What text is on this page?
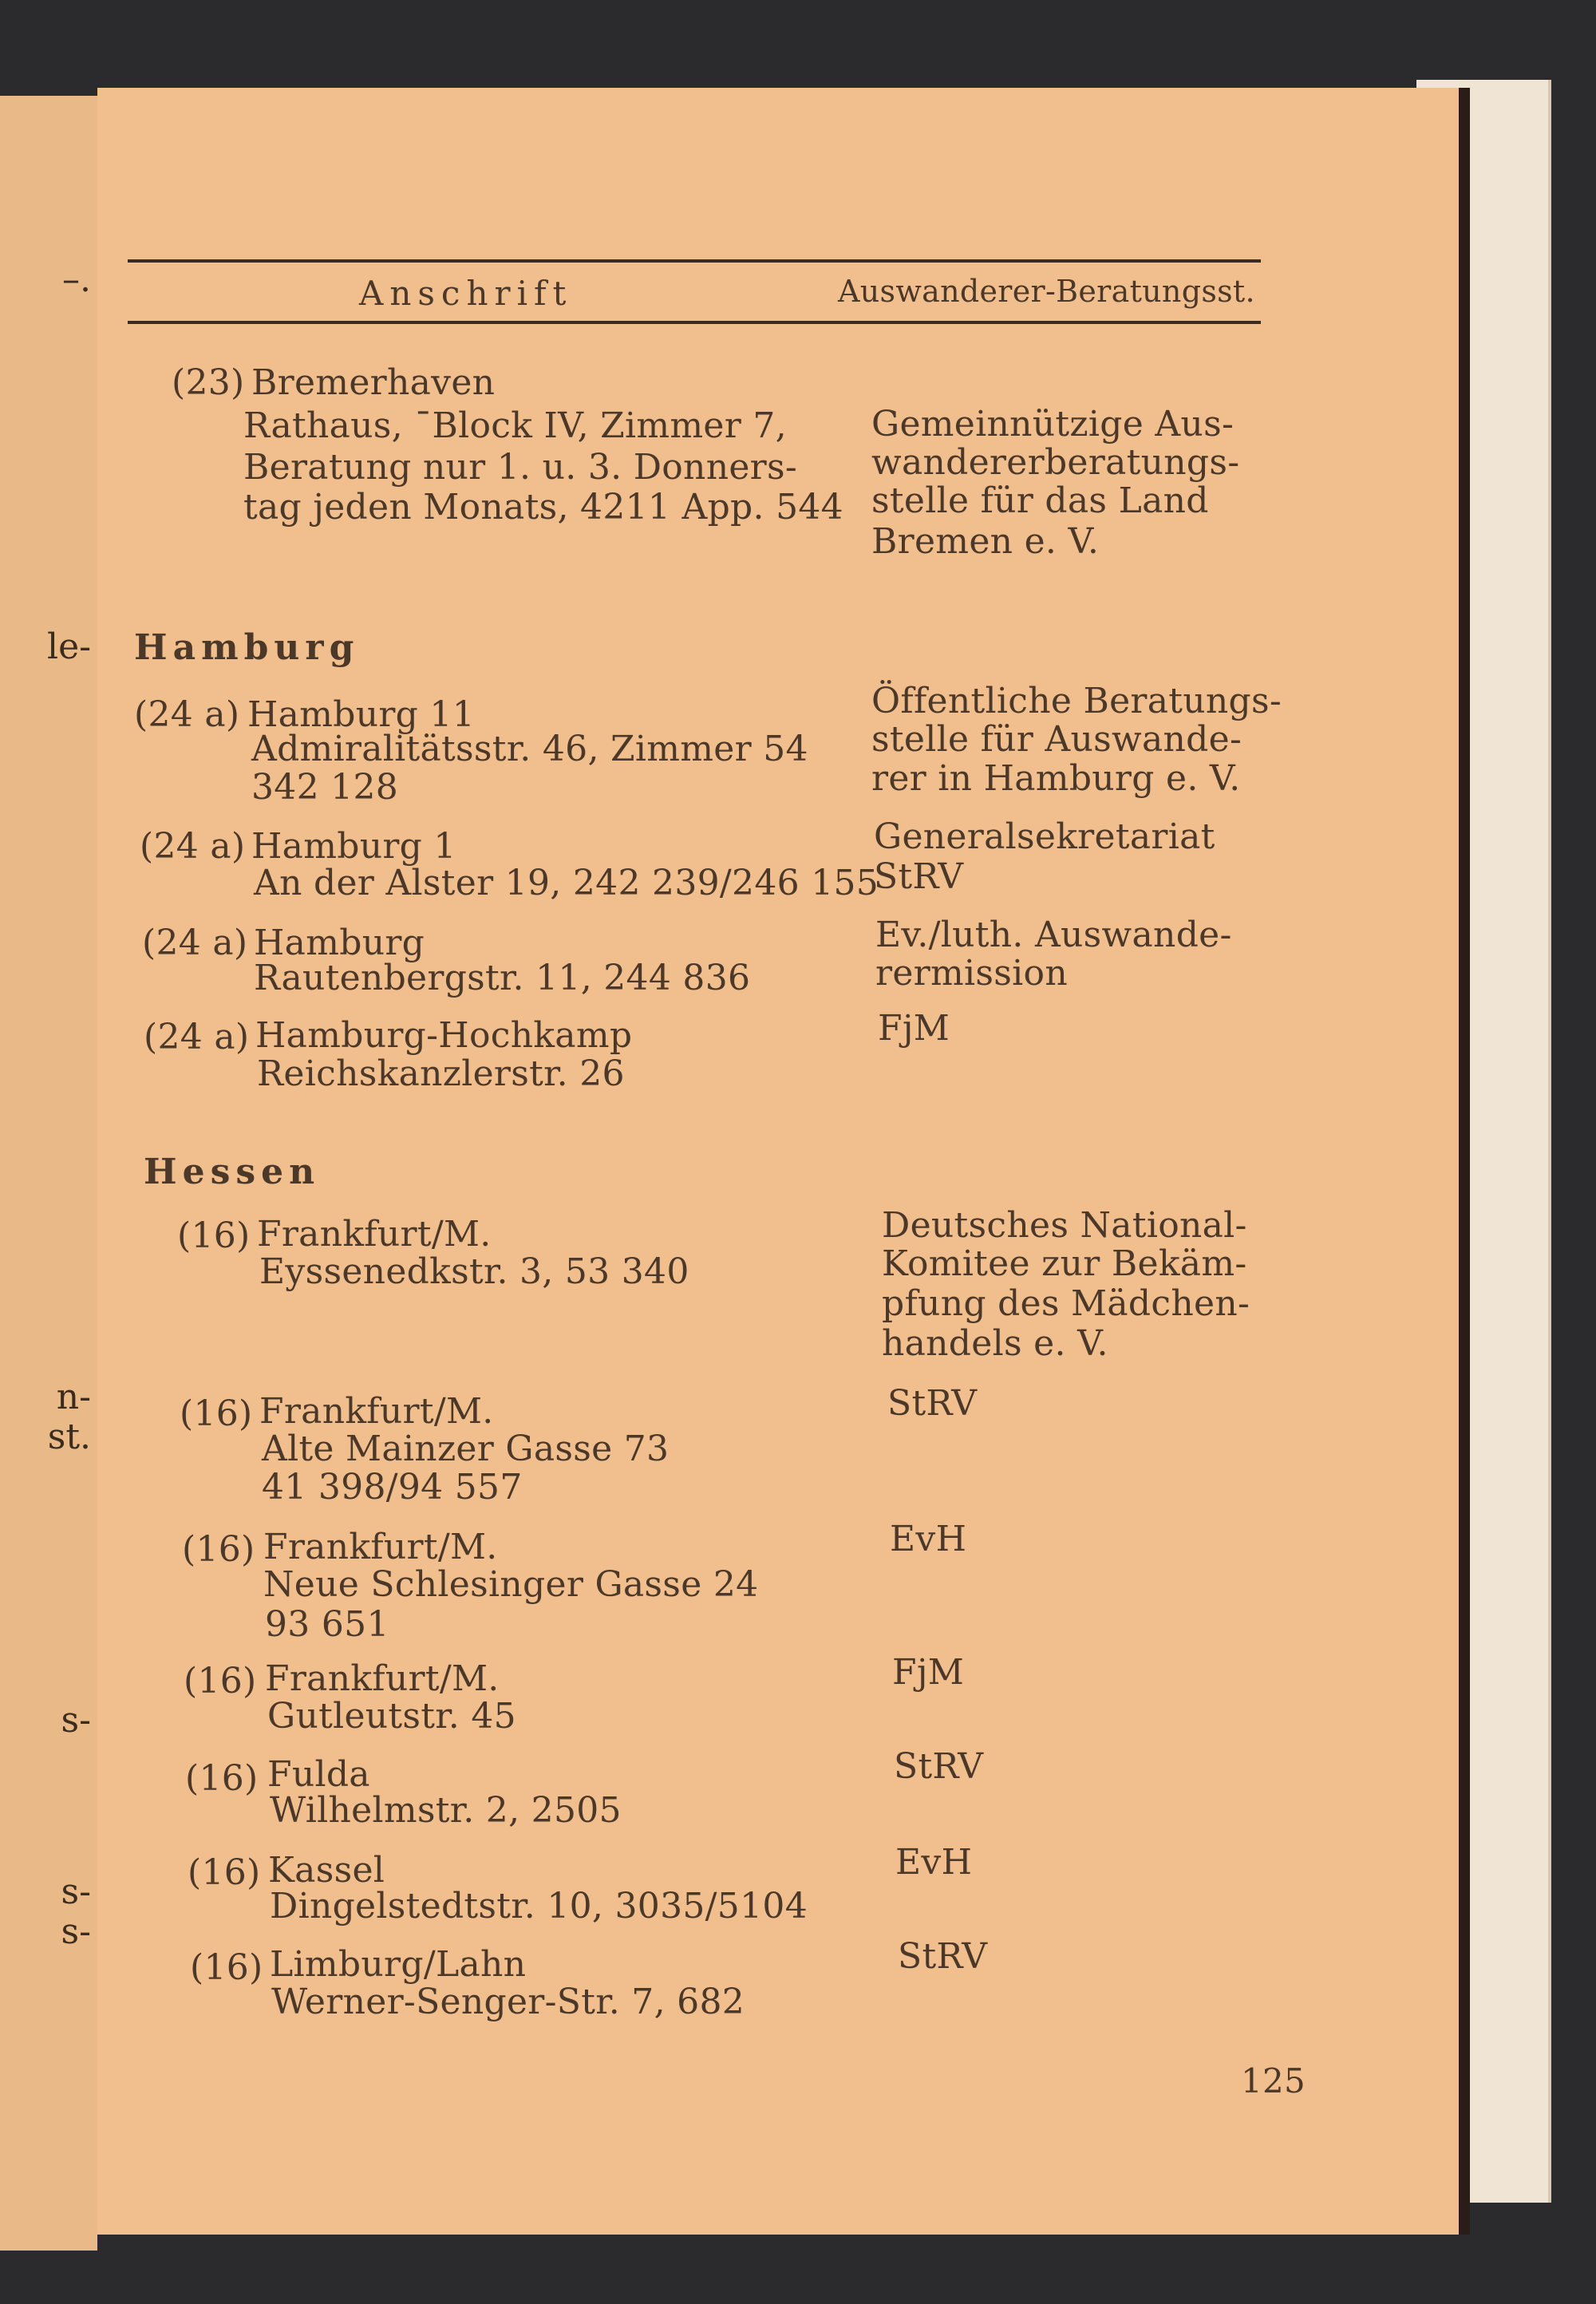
–.
le-
n-
st.
s-
s-
s-
Anschrift	Auswanderer-Beratungsst.
(23) Bremerhaven
Rathaus, ˉBlock IV, Zimmer 7,
Beratung nur 1. u. 3. Donners-
tag jeden Monats, 4211 App. 544
Gemeinnützige Aus-
wandererberatungs-
stelle für das Land
Bremen e. V.
Hamburg
(24 a) Hamburg 11
Admiralitätsstr. 46, Zimmer 54
342 128
Öffentliche Beratungs-
stelle für Auswande-
rer in Hamburg e. V.
(24 a) Hamburg 1
An der Alster 19, 242 239/246 155
Generalsekretariat
StRV
(24 a) Hamburg
Rautenbergstr. 11, 244 836
Ev./luth. Auswande-
rermission
(24 a) Hamburg-Hochkamp
Reichskanzlerstr. 26
FjM
Hessen
(16) Frankfurt/M.
Eyssenedkstr. 3, 53 340
Deutsches National-
Komitee zur Bekäm-
pfung des Mädchen-
handels e. V.
(16) Frankfurt/M.
Alte Mainzer Gasse 73
41 398/94 557
StRV
(16) Frankfurt/M.
Neue Schlesinger Gasse 24
93 651
EvH
(16) Frankfurt/M.
Gutleutstr. 45
FjM
(16) Fulda
Wilhelmstr. 2, 2505
StRV
(16) Kassel
Dingelstedtstr. 10, 3035/5104
EvH
(16) Limburg/Lahn
Werner-Senger-Str. 7, 682
StRV
125
